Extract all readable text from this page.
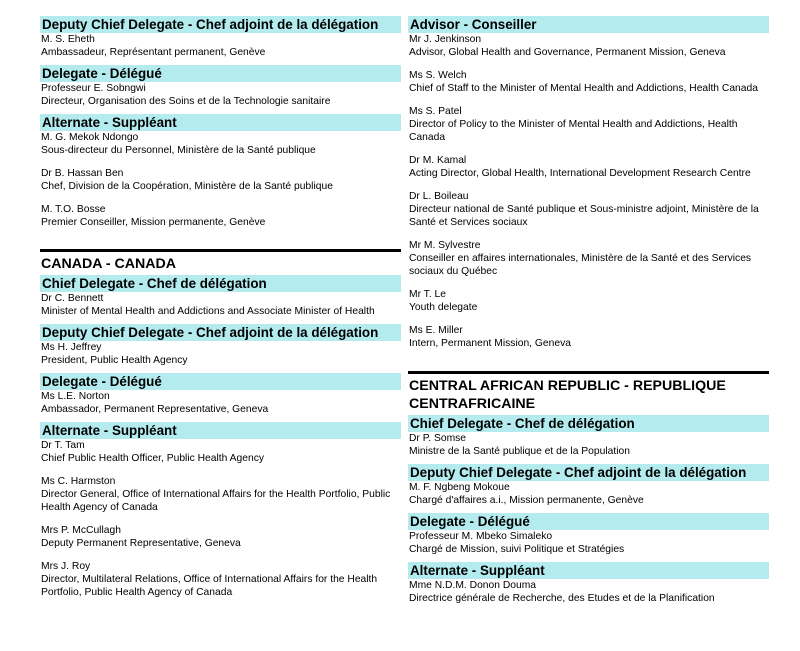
Deputy Chief Delegate - Chef adjoint de la délégation
M. S. Eheth
Ambassadeur, Représentant permanent, Genève
Delegate - Délégué
Professeur E. Sobngwi
Directeur, Organisation des Soins et de la Technologie sanitaire
Alternate - Suppléant
M. G. Mekok Ndongo
Sous-directeur du Personnel, Ministère de la Santé publique
Dr B. Hassan Ben
Chef, Division de la Coopération, Ministère de la Santé publique
M. T.O. Bosse
Premier Conseiller, Mission permanente, Genève
CANADA - CANADA
Chief Delegate - Chef de délégation
Dr C. Bennett
Minister of Mental Health and Addictions and Associate Minister of Health
Deputy Chief Delegate - Chef adjoint de la délégation
Ms H. Jeffrey
President, Public Health Agency
Delegate - Délégué
Ms L.E. Norton
Ambassador, Permanent Representative, Geneva
Alternate - Suppléant
Dr T. Tam
Chief Public Health Officer, Public Health Agency
Ms C. Harmston
Director General, Office of International Affairs for the Health Portfolio, Public Health Agency of Canada
Mrs P. McCullagh
Deputy Permanent Representative, Geneva
Mrs J. Roy
Director, Multilateral Relations, Office of International Affairs for the Health Portfolio, Public Health Agency of Canada
Advisor - Conseiller
Mr J. Jenkinson
Advisor, Global Health and Governance, Permanent Mission, Geneva
Ms S. Welch
Chief of Staff to the Minister of Mental Health and Addictions, Health Canada
Ms S. Patel
Director of Policy to the Minister of Mental Health and Addictions, Health Canada
Dr M. Kamal
Acting Director, Global Health, International Development Research Centre
Dr L. Boileau
Directeur national de Santé publique et Sous-ministre adjoint, Ministère de la Santé et Services sociaux
Mr M. Sylvestre
Conseiller en affaires internationales, Ministère de la Santé et des Services sociaux du Québec
Mr T. Le
Youth delegate
Ms E. Miller
Intern, Permanent Mission, Geneva
CENTRAL AFRICAN REPUBLIC - REPUBLIQUE CENTRAFRICAINE
Chief Delegate - Chef de délégation
Dr P. Somse
Ministre de la Santé publique et de la Population
Deputy Chief Delegate - Chef adjoint de la délégation
M. F. Ngbeng Mokoue
Chargé d'affaires a.i., Mission permanente, Genève
Delegate - Délégué
Professeur M. Mbeko Simaleko
Chargé de Mission, suivi Politique et Stratégies
Alternate - Suppléant
Mme N.D.M. Donon Douma
Directrice générale de Recherche, des Etudes et de la Planification
